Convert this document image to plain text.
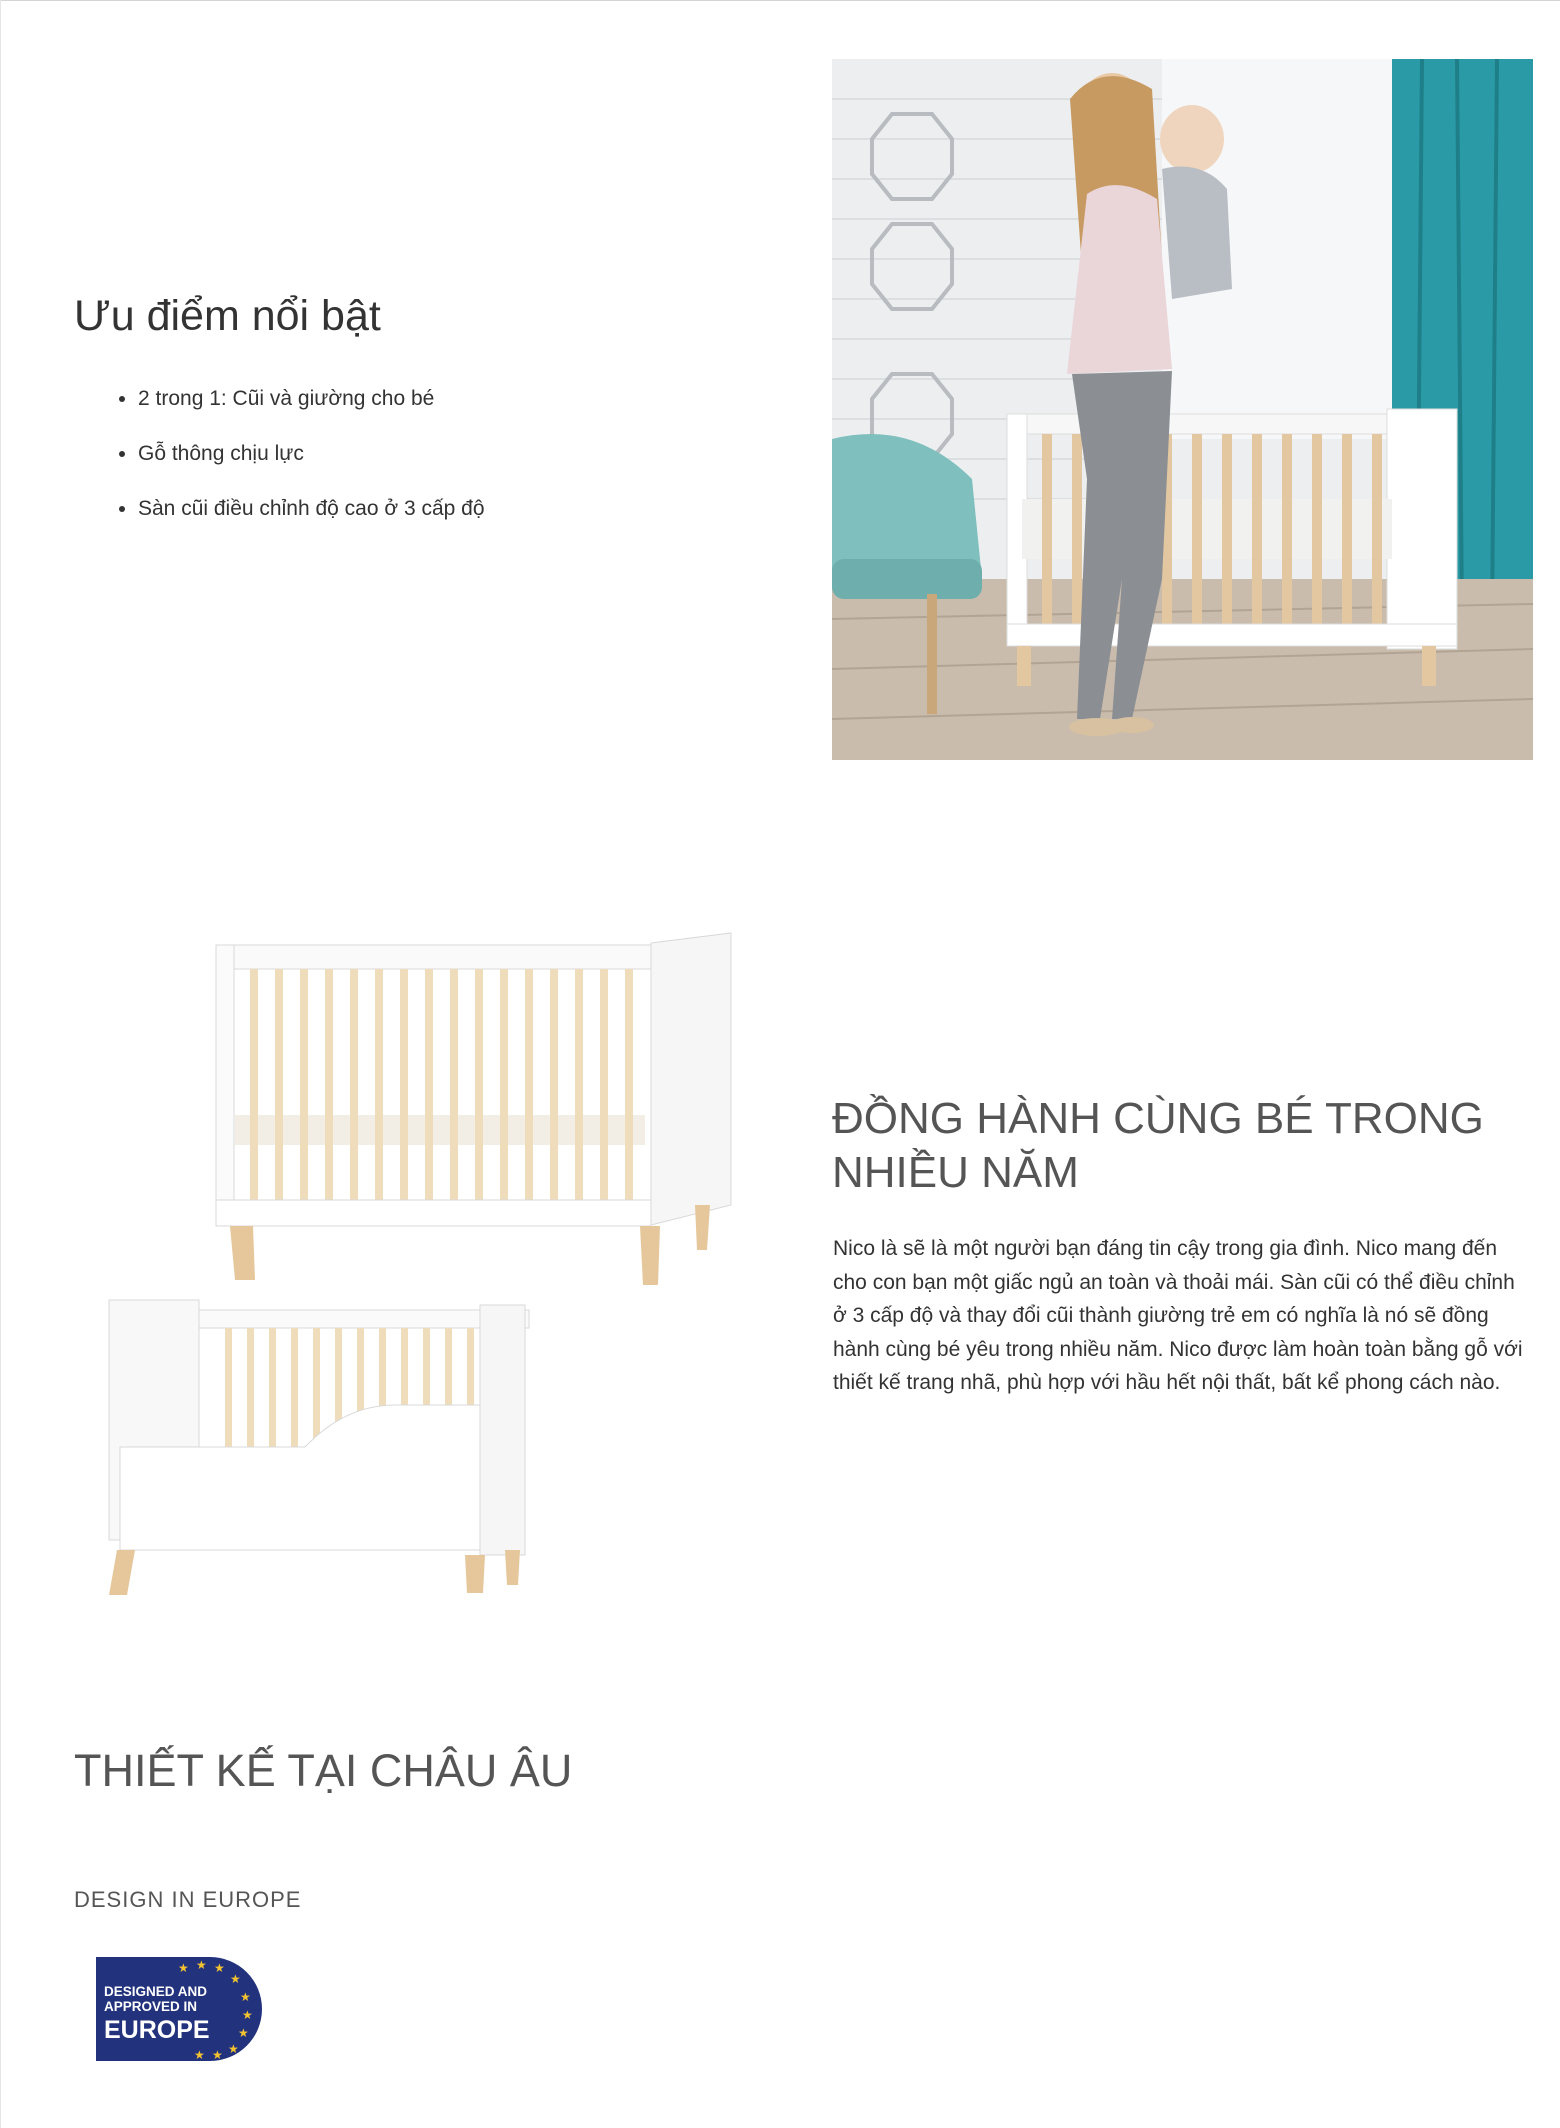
Ưu điểm nổi bật
• 2 trong 1: Cũi và giường cho bé
• Gỗ thông chịu lực
• Sàn cũi điều chỉnh độ cao ở 3 cấp độ
ĐỒNG HÀNH CÙNG BÉ TRONG NHIỀU NĂM

Nico là sẽ là một người bạn đáng tin cậy trong gia đình. Nico mang đến cho con bạn một giấc ngủ an toàn và thoải mái. Sàn cũi có thể điều chỉnh ở 3 cấp độ và thay đổi cũi thành giường trẻ em có nghĩa là nó sẽ đồng hành cùng bé yêu trong nhiều năm. Nico được làm hoàn toàn bằng gỗ với thiết kế trang nhã, phù hợp với hầu hết nội thất, bất kể phong cách nào.

THIẾT KẾ TẠI CHÂU ÂU

DESIGN IN EUROPE

DESIGNED AND
APPROVED IN
EUROPE
★ ★ ★
★
★
★
★
★
★
★
